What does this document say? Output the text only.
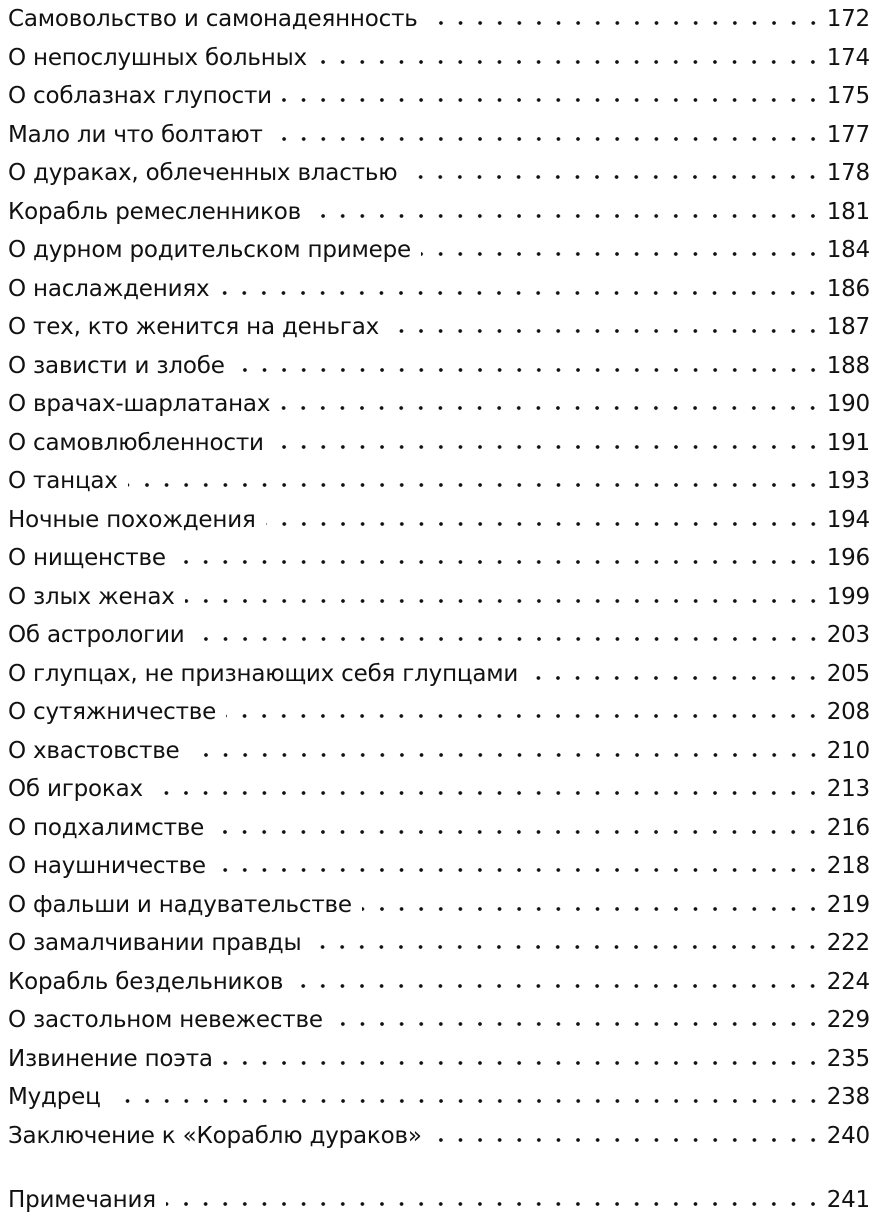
Самовольство и самонадеянность	172
О непослушных больных	174
О соблазнах глупости	175
Мало ли что болтают	177
О дураках, облеченных властью	178
Корабль ремесленников	181
О дурном родительском примере	184
О наслаждениях	186
О тех, кто женится на деньгах	187
О зависти и злобе	188
О врачах-шарлатанах	190
О самовлюбленности	191
О танцах	193
Ночные похождения	194
О нищенстве	196
О злых женах	199
Об астрологии	203
О глупцах, не признающих себя глупцами	205
О сутяжничестве	208
О хвастовстве	210
Об игроках	213
О подхалимстве	216
О наушничестве	218
О фальши и надувательстве	219
О замалчивании правды	222
Корабль бездельников	224
О застольном невежестве	229
Извинение поэта	235
Мудрец	238
Заключение к «Кораблю дураков»	240
Примечания	241
